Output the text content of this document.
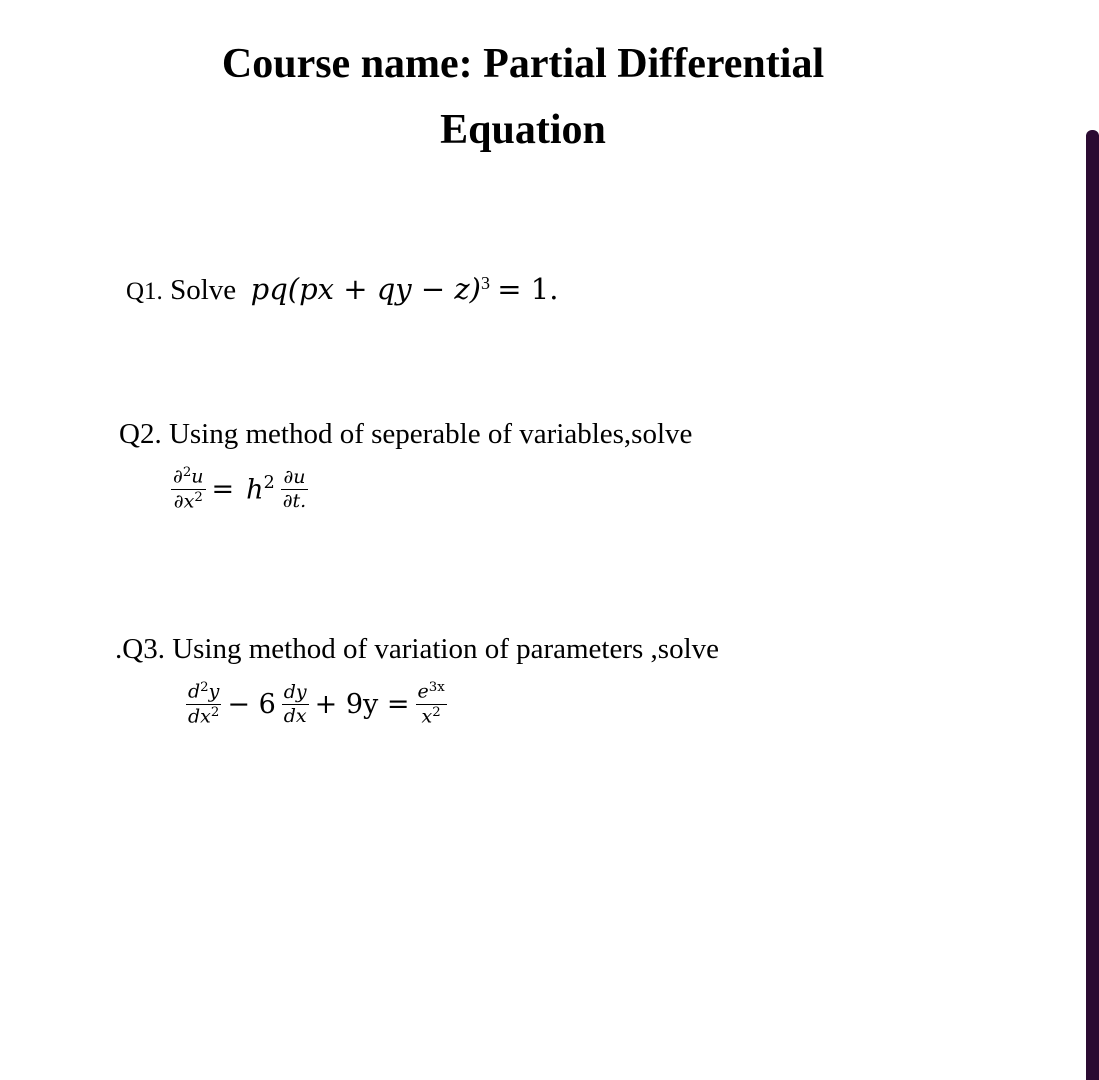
Course name: Partial Differential
Equation
Q1. Solve pq(px + qy − z)$^3$ = 1.
Q2. Using method of seperable of variables,solve
$\frac{\partial^2u}{\partial x^2} = h^2 \frac{\partial u}{\partial t.}$
.Q3. Using method of variation of parameters ,solve
$\frac{d^2y}{dx^2} - 6 \frac{dy}{dx} + 9y = \frac{e^{3x}}{x^2}$
